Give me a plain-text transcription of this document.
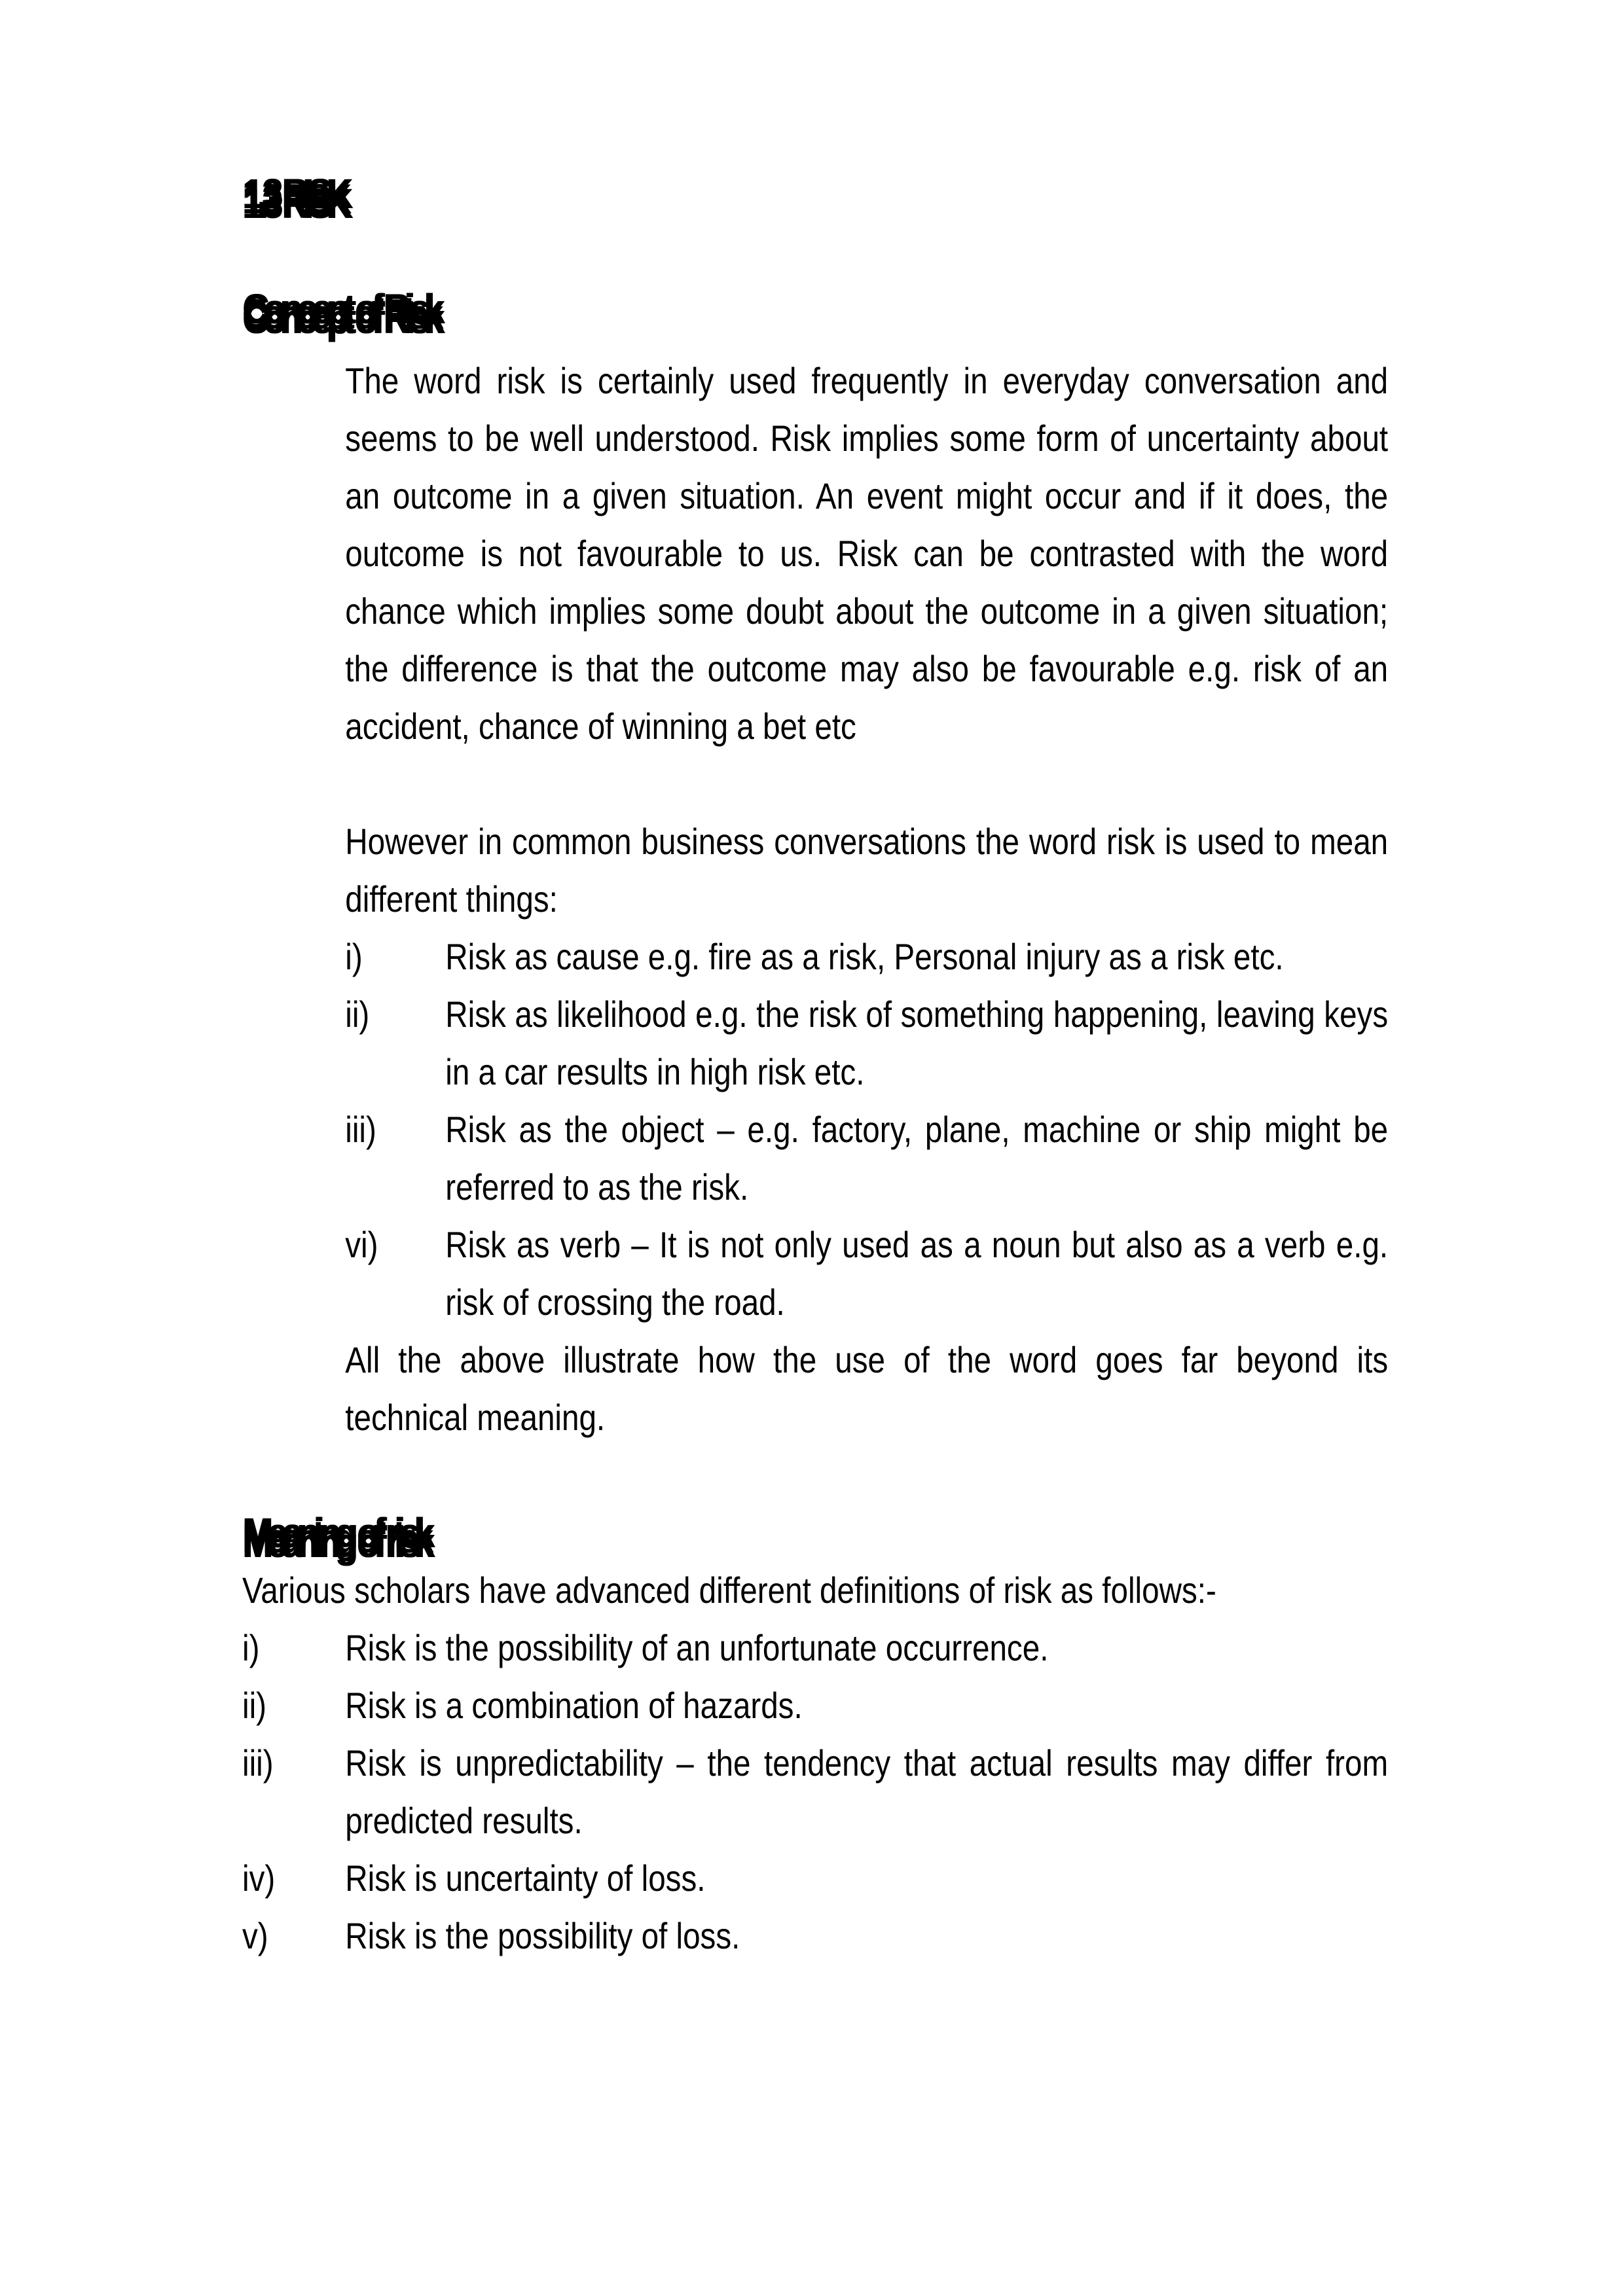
1.3 RISK
Concept of Risk

The word risk is certainly used frequently in everyday conversation and seems to be well understood. Risk implies some form of uncertainty about an outcome in a given situation. An event might occur and if it does, the outcome is not favourable to us. Risk can be contrasted with the word chance which implies some doubt about the outcome in a given situation; the difference is that the outcome may also be favourable e.g. risk of an accident, chance of winning a bet etc

However in common business conversations the word risk is used to mean different things:

i) Risk as cause e.g. fire as a risk, Personal injury as a risk etc.
ii) Risk as likelihood e.g. the risk of something happening, leaving keys in a car results in high risk etc.
iii) Risk as the object – e.g. factory, plane, machine or ship might be referred to as the risk.
vi) Risk as verb – It is not only used as a noun but also as a verb e.g. risk of crossing the road.

All the above illustrate how the use of the word goes far beyond its technical meaning.

Meaning of risk

Various scholars have advanced different definitions of risk as follows:-

i) Risk is the possibility of an unfortunate occurrence.
ii) Risk is a combination of hazards.
iii) Risk is unpredictability – the tendency that actual results may differ from predicted results.
iv) Risk is uncertainty of loss.
v) Risk is the possibility of loss.
